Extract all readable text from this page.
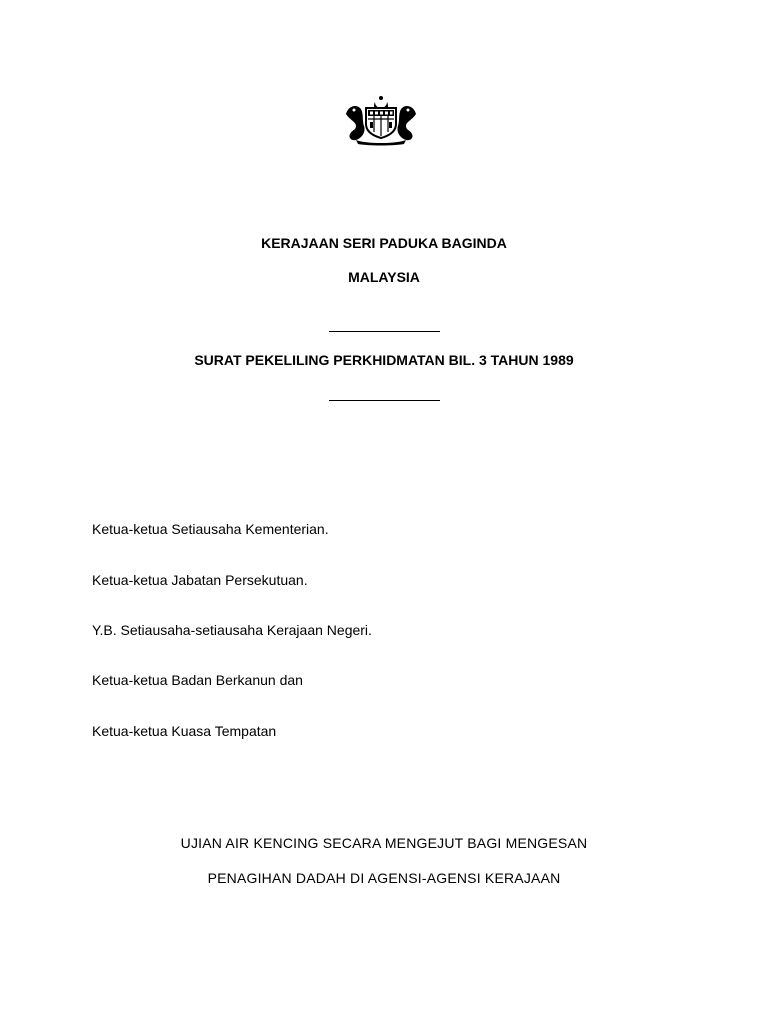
KERAJAAN SERI PADUKA BAGINDA
MALAYSIA
SURAT PEKELILING PERKHIDMATAN BIL. 3 TAHUN 1989
Ketua-ketua Setiausaha Kementerian.
Ketua-ketua Jabatan Persekutuan.
Y.B. Setiausaha-setiausaha Kerajaan Negeri.
Ketua-ketua Badan Berkanun dan
Ketua-ketua Kuasa Tempatan
UJIAN AIR KENCING SECARA MENGEJUT BAGI MENGESAN
PENAGIHAN DADAH DI AGENSI-AGENSI KERAJAAN
